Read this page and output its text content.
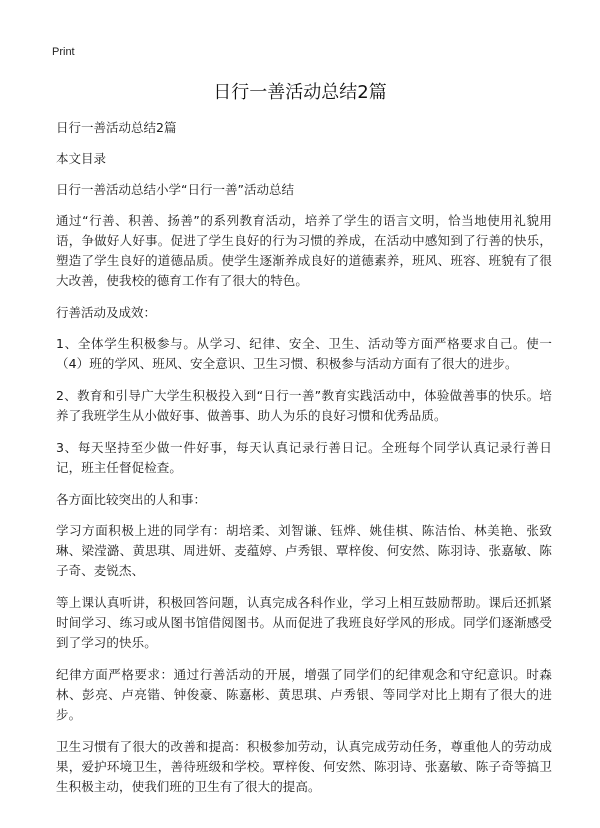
Print
日行一善活动总结2篇

日行一善活动总结2篇

本文目录

日行一善活动总结小学“日行一善”活动总结

通过“行善、积善、扬善”的系列教育活动，培养了学生的语言文明，恰当地使用礼貌用语，争做好人好事。促进了学生良好的行为习惯的养成，在活动中感知到了行善的快乐，塑造了学生良好的道德品质。使学生逐渐养成良好的道德素养，班风、班容、班貌有了很大改善，使我校的德育工作有了很大的特色。

行善活动及成效：

1、全体学生积极参与。从学习、纪律、安全、卫生、活动等方面严格要求自己。使一（4）班的学风、班风、安全意识、卫生习惯、积极参与活动方面有了很大的进步。

2、教育和引导广大学生积极投入到“日行一善”教育实践活动中，体验做善事的快乐。培养了我班学生从小做好事、做善事、助人为乐的良好习惯和优秀品质。

3、每天坚持至少做一件好事，每天认真记录行善日记。全班每个同学认真记录行善日记，班主任督促检查。

各方面比较突出的人和事：

学习方面积极上进的同学有：胡培柔、刘智谦、钰烨、姚佳棋、陈洁怡、林美艳、张致琳、梁滢潞、黄思琪、周进妍、麦蕴婷、卢秀银、覃梓俊、何安然、陈羽诗、张嘉敏、陈子奇、麦锐杰、

等上课认真听讲，积极回答问题，认真完成各科作业，学习上相互鼓励帮助。课后还抓紧时间学习、练习或从图书馆借阅图书。从而促进了我班良好学风的形成。同学们逐渐感受到了学习的快乐。

纪律方面严格要求：通过行善活动的开展，增强了同学们的纪律观念和守纪意识。时森林、彭亮、卢亮锴、钟俊豪、陈嘉彬、黄思琪、卢秀银、等同学对比上期有了很大的进步。

卫生习惯有了很大的改善和提高：积极参加劳动，认真完成劳动任务，尊重他人的劳动成果，爱护环境卫生，善待班级和学校。覃梓俊、何安然、陈羽诗、张嘉敏、陈子奇等搞卫生积极主动，使我们班的卫生有了很大的提高。
